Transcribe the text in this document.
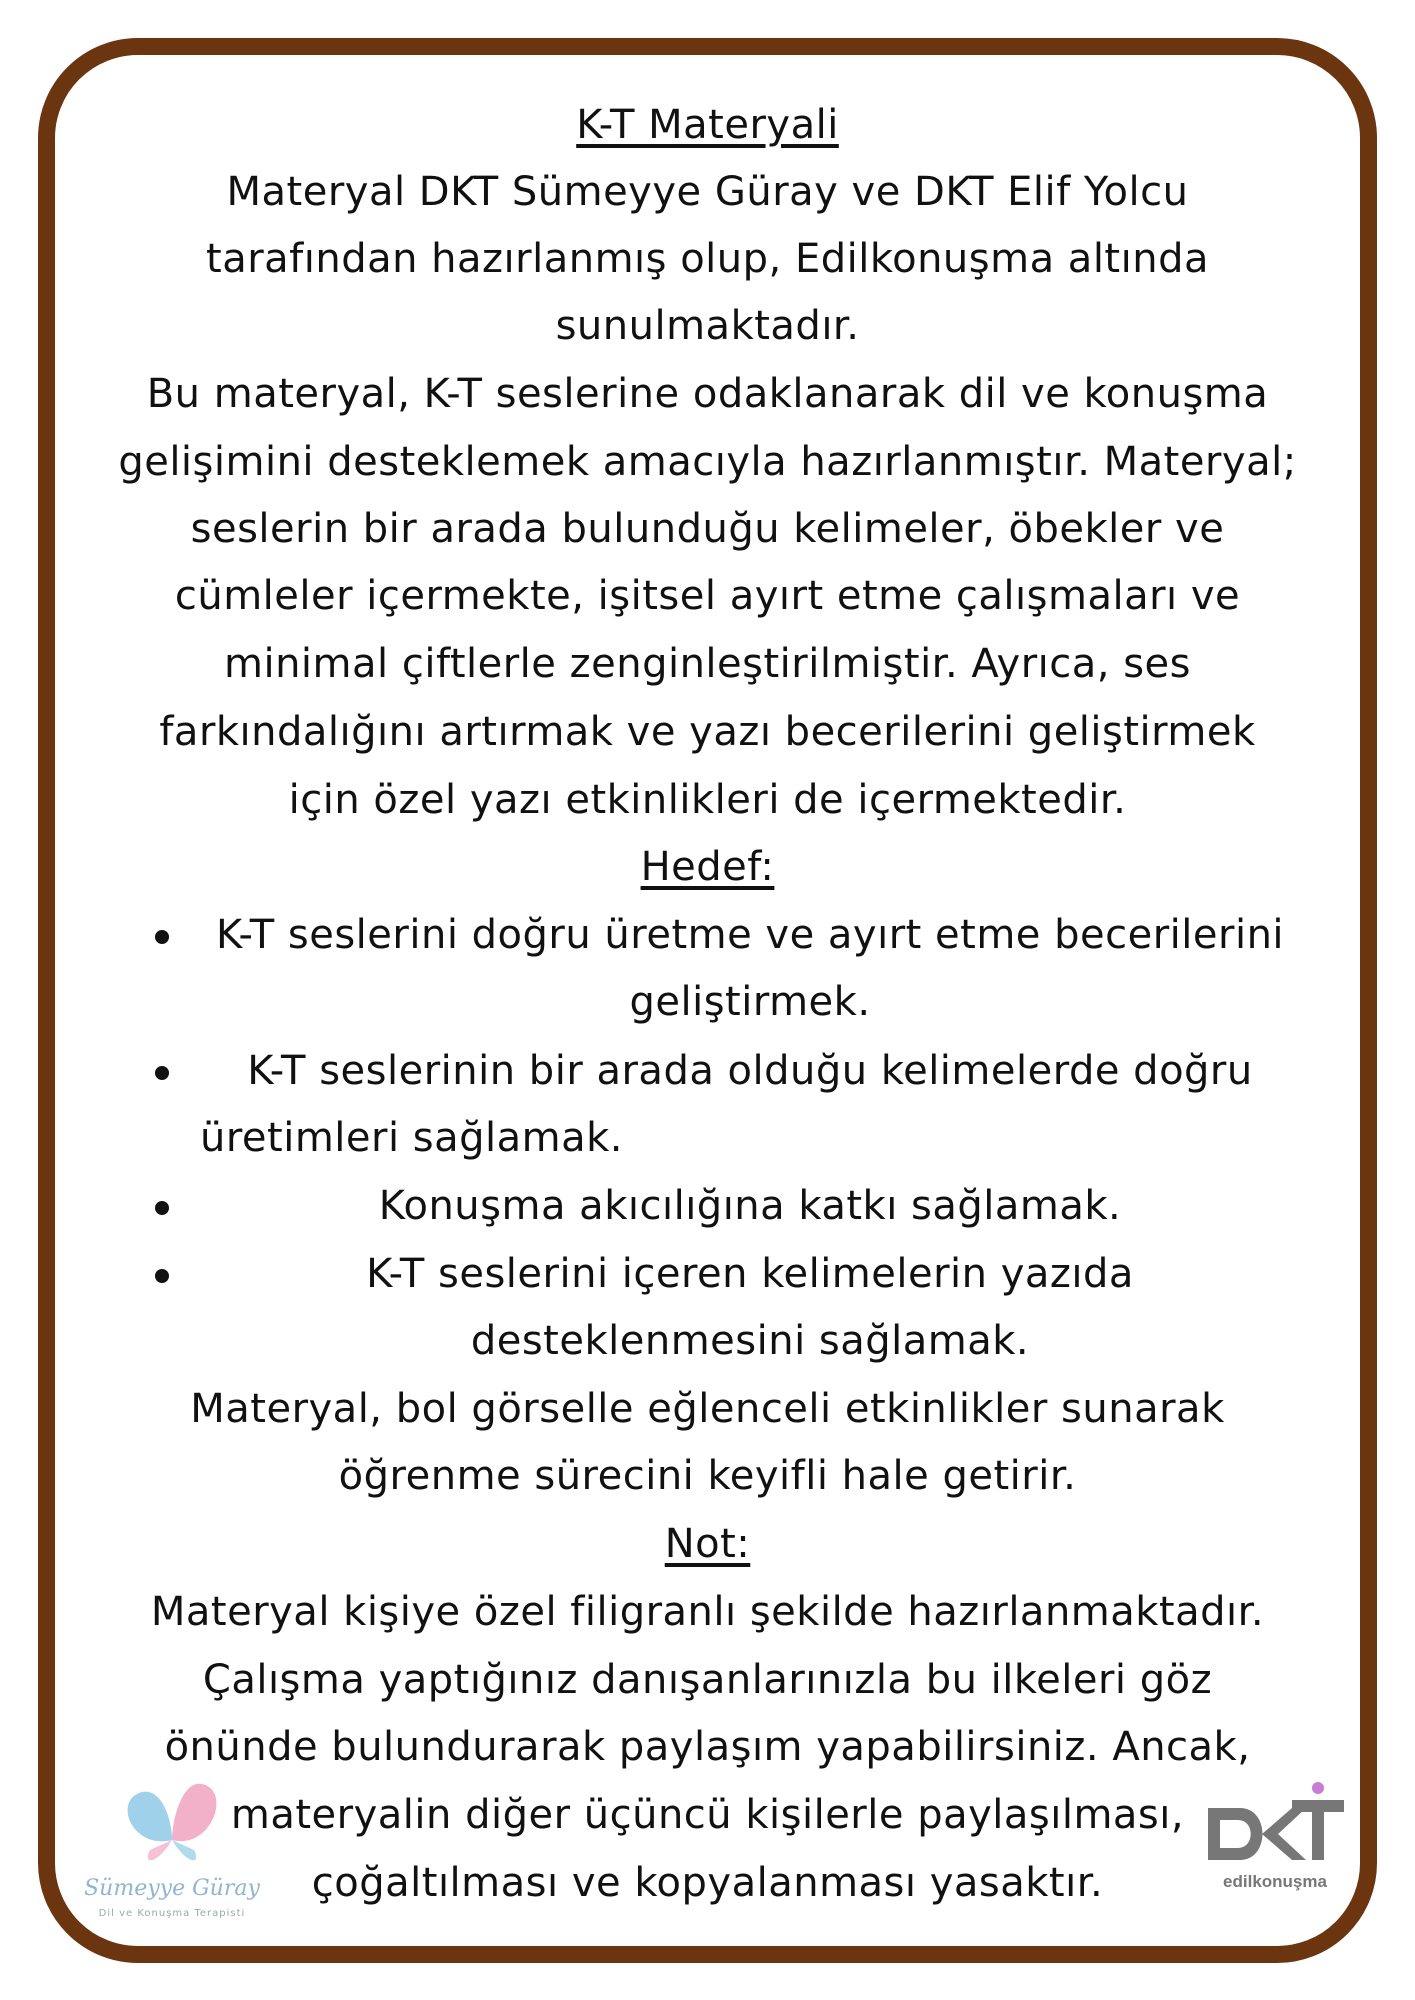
K-T Materyali
Materyal DKT Sümeyye Güray ve DKT Elif Yolcu
tarafından hazırlanmış olup, Edilkonuşma altında
sunulmaktadır.
Bu materyal, K-T seslerine odaklanarak dil ve konuşma
gelişimini desteklemek amacıyla hazırlanmıştır. Materyal;
seslerin bir arada bulunduğu kelimeler, öbekler ve
cümleler içermekte, işitsel ayırt etme çalışmaları ve
minimal çiftlerle zenginleştirilmiştir. Ayrıca, ses
farkındalığını artırmak ve yazı becerilerini geliştirmek
için özel yazı etkinlikleri de içermektedir.
Hedef:
K-T seslerini doğru üretme ve ayırt etme becerilerini
geliştirmek.
K-T seslerinin bir arada olduğu kelimelerde doğru
üretimleri sağlamak.
Konuşma akıcılığına katkı sağlamak.
K-T seslerini içeren kelimelerin yazıda
desteklenmesini sağlamak.
Materyal, bol görselle eğlenceli etkinlikler sunarak
öğrenme sürecini keyifli hale getirir.
Not:
Materyal kişiye özel filigranlı şekilde hazırlanmaktadır.
Çalışma yaptığınız danışanlarınızla bu ilkeleri göz
önünde bulundurarak paylaşım yapabilirsiniz. Ancak,
materyalin diğer üçüncü kişilerle paylaşılması,
çoğaltılması ve kopyalanması yasaktır.
Sümeyye Güray
Dil ve Konuşma Terapisti
edilkonuşma
